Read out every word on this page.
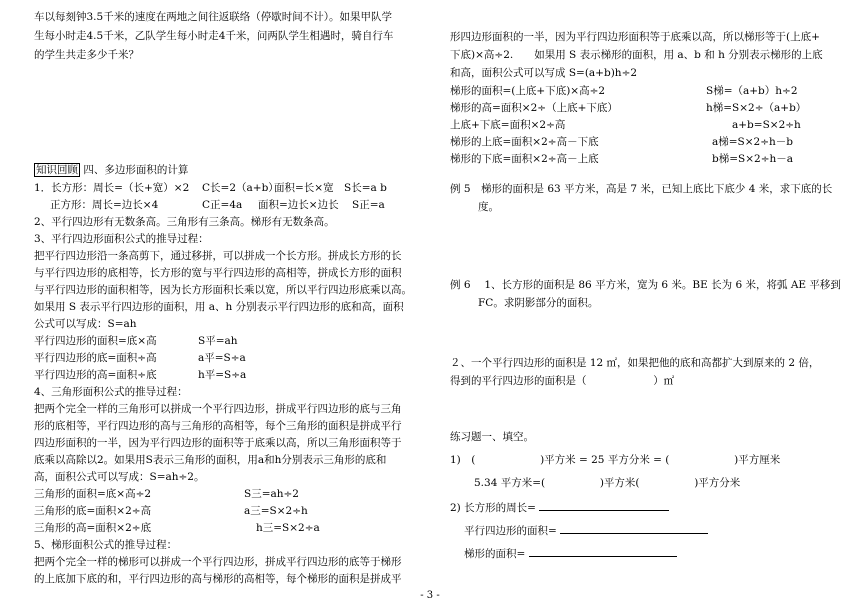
车以每刻钟3.5千米的速度在两地之间往返联络（停歇时间不计）。如果甲队学
生每小时走4.5千米，乙队学生每小时走4千米，问两队学生相遇时，骑自行车
的学生共走多少千米？
知识回顾 四、多边形面积的计算
1．长方形：周长=（长+宽）×2 C长=2（a+b）
面积=长×宽 S长=a b
正方形：周长=边长×4	C正=4a 面积=边长×边长 S正=a
2、平行四边形有无数条高。三角形有三条高。梯形有无数条高。
3、平行四边形面积公式的推导过程：
把平行四边形沿一条高剪下，通过移拼，可以拼成一个长方形。拼成长方形的长
与平行四边形的底相等，长方形的宽与平行四边形的高相等，拼成长方形的面积
与平行四边形的面积相等，因为长方形面积长乘以宽，所以平行四边形底乘以高。
如果用 S 表示平行四边形的面积，用 a、h 分别表示平行四边形的底和高，面积
公式可以写成：S=ah
平行四边形的面积=底×高	S平=ah
平行四边形的底=面积÷高	a平=S÷a
平行四边形的高=面积÷底	h平=S÷a
4、三角形面积公式的推导过程：
把两个完全一样的三角形可以拼成一个平行四边形，拼成平行四边形的底与三角
形的底相等，平行四边形的高与三角形的高相等，每个三角形的面积是拼成平行
四边形面积的一半，因为平行四边形的面积等于底乘以高，所以三角形面积等于
底乘以高除以2。如果用S表示三角形的面积，用a和h分别表示三角形的底和
高，面积公式可以写成：S=ah÷2。
三角形的面积=底×高÷2	S三=ah÷2
三角形的底=面积×2÷高	a三=S×2÷h
三角形的高=面积×2÷底	h三=S×2÷a
5、梯形面积公式的推导过程：
把两个完全一样的梯形可以拼成一个平行四边形，拼成平行四边形的底等于梯形
的上底加下底的和，平行四边形的高与梯形的高相等，每个梯形的面积是拼成平
形四边形面积的一半，因为平行四边形面积等于底乘以高，所以梯形等于(上底+
下底)×高÷2.　　如果用 S 表示梯形的面积，用 a、b 和 h 分别表示梯形的上底
和高，面积公式可以写成 S=(a+b)h÷2
梯形的面积=(上底+下底)×高÷2	S梯=（a+b）h÷2
梯形的高=面积×2÷（上底+下底）	h梯=S×2÷（a+b）
上底+下底=面积×2÷高	a+b=S×2÷h
梯形的上底=面积×2÷高－下底	a梯=S×2÷h－b
梯形的下底=面积×2÷高－上底	b梯=S×2÷h－a
例 5　梯形的面积是 63 平方米，高是 7 米，已知上底比下底少 4 米，求下底的长
度。
例 6　 1、长方形的面积是 86 平方米，宽为 6 米。BE 长为 6 米，将弧 AE 平移到
FC。求阴影部分的面积。
２、一个平行四边形的面积是 12 ㎡，如果把他的底和高都扩大到原来的 2 倍，
得到的平行四边形的面积是（	）㎡
练习题一、填空。
1)　(	)平方米 = 25 平方分米 = (	)平方厘米
5.34 平方米=(	)平方米(	)平方分米
2) 长方形的周长=
平行四边形的面积=
梯形的面积=
- 3 -
